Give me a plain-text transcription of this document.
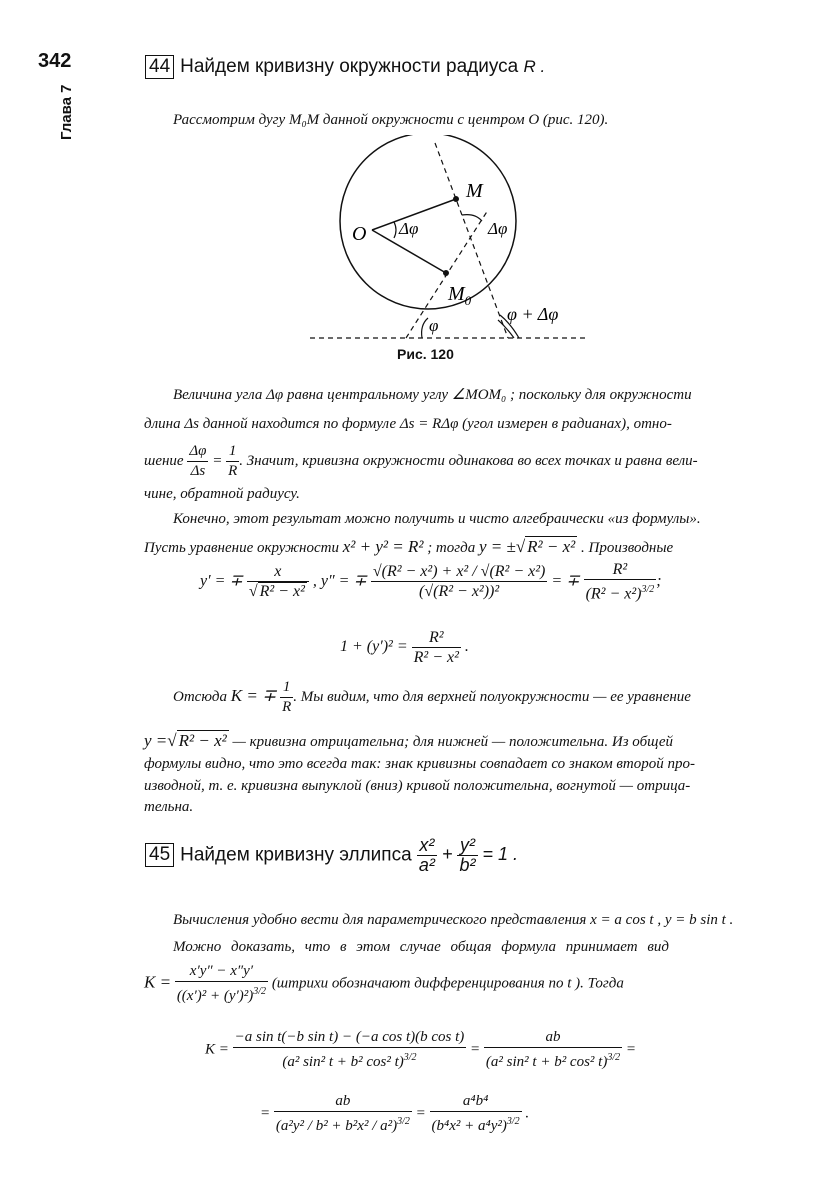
342
Глава 7
44 Найдем кривизну окружности радиуса R .
Рассмотрим дугу M₀M данной окружности с центром O (рис. 120).
M
O Δφ	Δφ
$M_0$
φ
φ + Δφ
Рис. 120
Величина угла Δφ равна центральному углу ∠MOM₀ ; поскольку для окружности
длина Δs данной находится по формуле Δs = RΔφ (угол измерен в радианах), отно-
шение $\frac{\Delta\varphi}{\Delta s} = \frac{1}{R}$ . Значит, кривизна окружности одинакова во всех точках и равна вели-
чине, обратной радиусу.
Конечно, этот результат можно получить и чисто алгебраически «из формулы».
Пусть уравнение окружности x² + y² = R² ; тогда y = ±√ R² − x² . Производные
y′ = ∓ $\frac{x}{\text{√ R² − x²}}$ , y″ = ∓ $\frac{\text{√(R² − x²) + x² / √(R² − x²)}}{\text{(√(R² − x²))²}}$ = ∓ $\frac{\text{R²}}{(R^2 - x^2)^{3/2}}$ ;
$1 + (y')^2 = \frac{\text{R²}}{\text{R² − x²}}$ .
Отсюда K = ∓ $\frac{1}{R}$ . Мы видим, что для верхней полуокружности — ее уравнение
y =√ R² − x² — кривизна отрицательна; для нижней — положительна. Из общей
формулы видно, что это всегда так: знак кривизны совпадает со знаком второй про-
изводной, т. е. кривизна выпуклой (вниз) кривой положительна, вогнутой — отрица-
тельна.
45 Найдем кривизну эллипса $\frac{\text{x²}}{\text{a²}} + \frac{\text{y²}}{\text{b²}} = 1$ .
Вычисления удобно вести для параметрического представления x = a cos t , y = b sin t .
Можно доказать, что в этом случае общая формула принимает вид
$K = \frac{x'y'' - x''y'}{((x')^2 + (y')^2)^{3/2}}$ (штрихи обозначают дифференцирования по t ). Тогда
$K = \frac{\text{−a sin t(−b sin t) − (−a cos t)(b cos t)}}{(a^2 \sin^2 t + b^2 \cos^2 t)^{3/2}} = \frac{ab}{(a^2 \sin^2 t + b^2 \cos^2 t)^{3/2}}$ =
= $\frac{ab}{(a^2y^2 / b^2 + b^2x^2 / a^2)^{3/2}} = \frac{\text{a⁴b⁴}}{(b^4x^2 + a^4y^2)^{3/2}}$ .
